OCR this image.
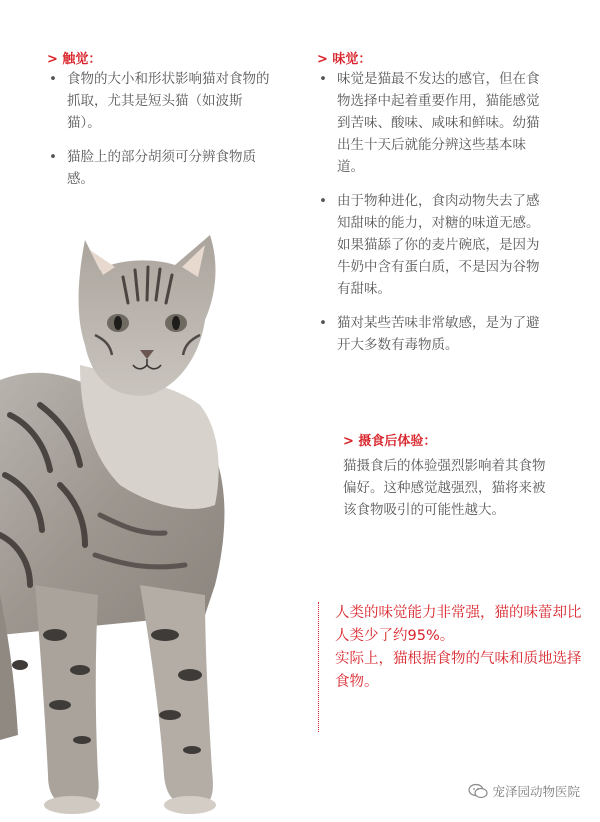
> 触觉：
• 食物的大小和形状影响猫对食物的抓取，尤其是短头猫（如波斯猫）。
• 猫脸上的部分胡须可分辨食物质感。
> 味觉：
• 味觉是猫最不发达的感官，但在食物选择中起着重要作用，猫能感觉到苦味、酸味、咸味和鲜味。幼猫出生十天后就能分辨这些基本味道。
• 由于物种进化，食肉动物失去了感知甜味的能力，对糖的味道无感。如果猫舔了你的麦片碗底，是因为牛奶中含有蛋白质，不是因为谷物有甜味。
• 猫对某些苦味非常敏感，是为了避开大多数有毒物质。
> 摄食后体验：

猫摄食后的体验强烈影响着其食物偏好。这种感觉越强烈，猫将来被该食物吸引的可能性越大。

人类的味觉能力非常强，猫的味蕾却比人类少了约95%。

实际上，猫根据食物的气味和质地选择食物。

宠泽园动物医院
